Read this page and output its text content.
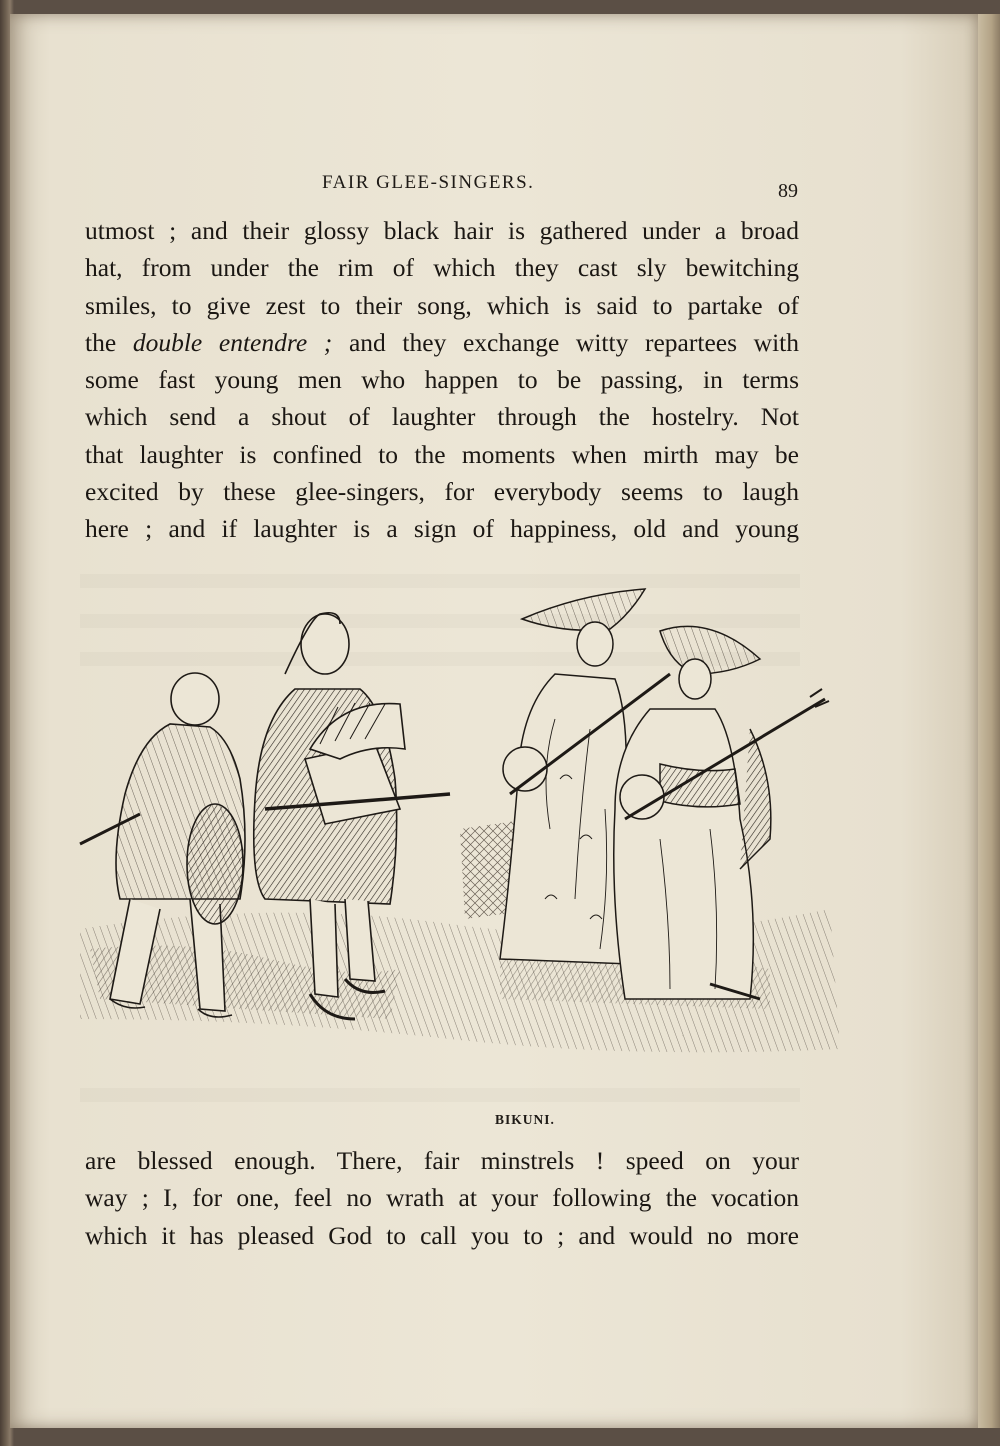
FAIR GLEE-SINGERS.	89
utmost ; and their glossy black hair is gathered under a broad
hat, from under the rim of which they cast sly bewitching
smiles, to give zest to their song, which is said to partake of
the double entendre ; and they exchange witty repartees with
some fast young men who happen to be passing, in terms
which send a shout of laughter through the hostelry. Not
that laughter is confined to the moments when mirth may be
excited by these glee-singers, for everybody seems to laugh
here ; and if laughter is a sign of happiness, old and young
BIKUNI.
are blessed enough. There, fair minstrels ! speed on your
way ; I, for one, feel no wrath at your following the vocation
which it has pleased God to call you to ; and would no more
